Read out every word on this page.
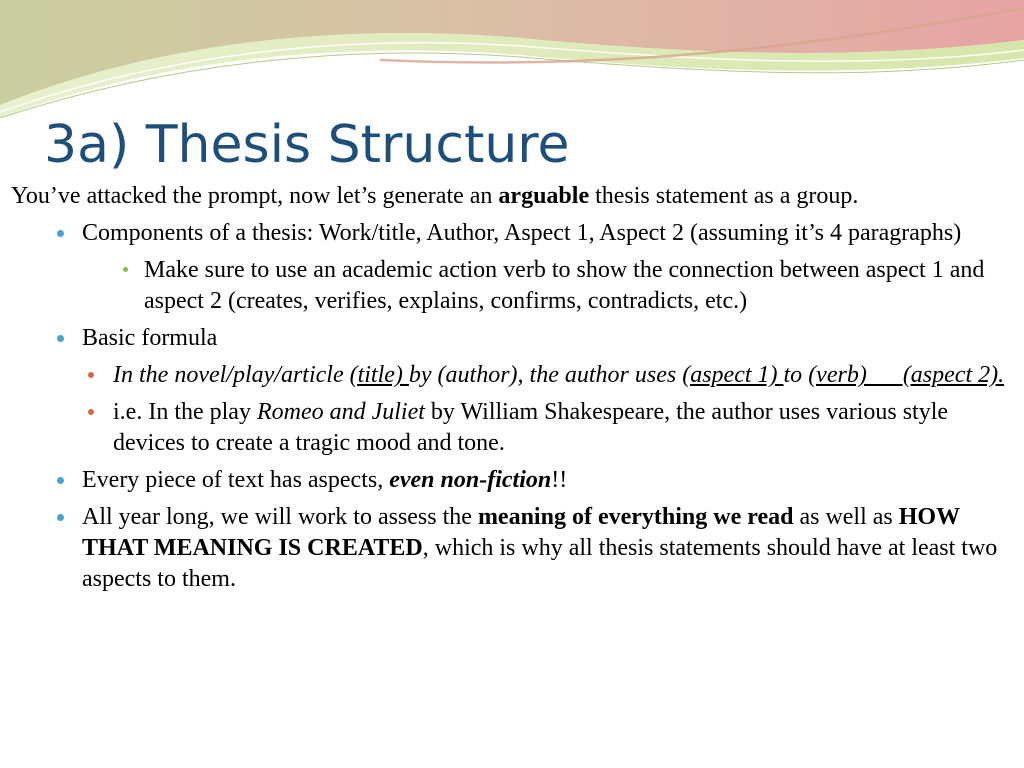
3a) Thesis Structure

You’ve attacked the prompt, now let’s generate an arguable thesis statement as a group.

Components of a thesis: Work/title, Author, Aspect 1, Aspect 2 (assuming it’s 4 paragraphs)
Make sure to use an academic action verb to show the connection between aspect 1 and aspect 2 (creates, verifies, explains, confirms, contradicts, etc.)
Basic formula
In the novel/play/article (title) by (author), the author uses (aspect 1) to (verb)      (aspect 2).
i.e. In the play Romeo and Juliet by William Shakespeare, the author uses various style devices to create a tragic mood and tone.
Every piece of text has aspects, even non-fiction!!
All year long, we will work to assess the meaning of everything we read as well as HOW THAT MEANING IS CREATED, which is why all thesis statements should have at least two aspects to them.
